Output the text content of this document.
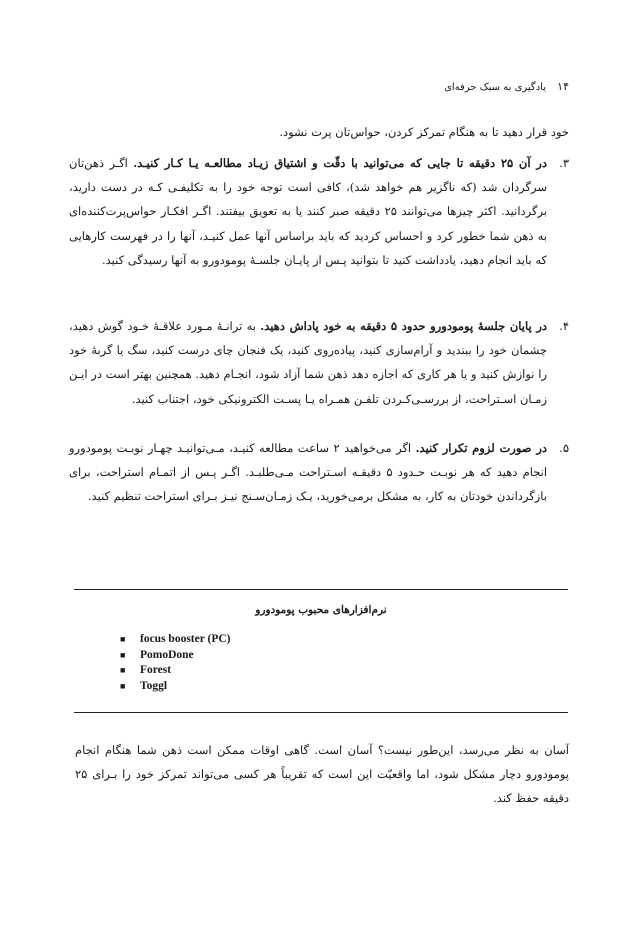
۱۴ یادگیری به سبک حرفه‌ای
خود قرار دهید تا به هنگام تمرکز کردن، حواس‌تان پرت نشود.
۳.
در آن ۲۵ دقیقه تا جایی که می‌توانید با دقّت و اشتیاق زیـاد مطالعـه یـا کـار کنیـد. اگـر ذهن‌تان سرگردان شد (که ناگزیر هم خواهد شد)، کافی است توجه خود را به تکلیفـی کـه در دست دارید، برگردانید. اکثر چیزها می‌توانند ۲۵ دقیقه صبر کنند یا به تعویق بیفتند. اگـر افکـار حواس‌پرت‌کننده‌ای به ذهن شما خطور کرد و احساس کردید که باید براساس آنها عمل کنیـد، آنها را در فهرست کارهایی که باید انجام دهید، یادداشت کنید تا بتوانید پـس از پایـان جلسـهٔ پومودورو به آنها رسیدگی کنید.
۴.
در پایان جلسهٔ پومودورو حدود ۵ دقیقه به خود پاداش دهید. به ترانـهٔ مـورد علاقـهٔ خـود گوش دهید، چشمان خود را ببندید و آرام‌سازی کنید، پیاده‌روی کنید، یک فنجان چای درست کنید، سگ یا گربهٔ خود را نوازش کنید و یا هر کاری که اجازه دهد ذهن شما آزاد شود، انجـام دهید. همچنین بهتر است در ایـن زمـان اسـتراحت، از بررسـی‌کـردن تلفـن همـراه یـا پسـت الکترونیکی خود، اجتناب کنید.
۵.
در صورت لزوم تکرار کنید. اگر می‌خواهید ۲ ساعت مطالعه کنیـد، مـی‌توانیـد چهـار نوبـت پومودورو انجام دهید که هر نوبـت حـدود ۵ دقیقـه اسـتراحت مـی‌طلبـد. اگـر پـس از اتمـام استراحت، برای بازگرداندن خودتان به کار، به مشکل برمی‌خورید، یـک زمـان‌سـنج نیـز بـرای استراحت تنظیم کنید.
نرم‌افزارهای محبوب پومودورو
■ focus booster (PC)
■ PomoDone
■ Forest
■ Toggl
آسان به نظر می‌رسد، این‌طور نیست؟ آسان است. گاهی اوقات ممکن است ذهن شما هنگام انجام پومودورو دچار مشکل شود، اما واقعیّت این است که تقریباً هر کسی می‌تواند تمرکز خود را بـرای ۲۵ دقیقه حفظ کند.
